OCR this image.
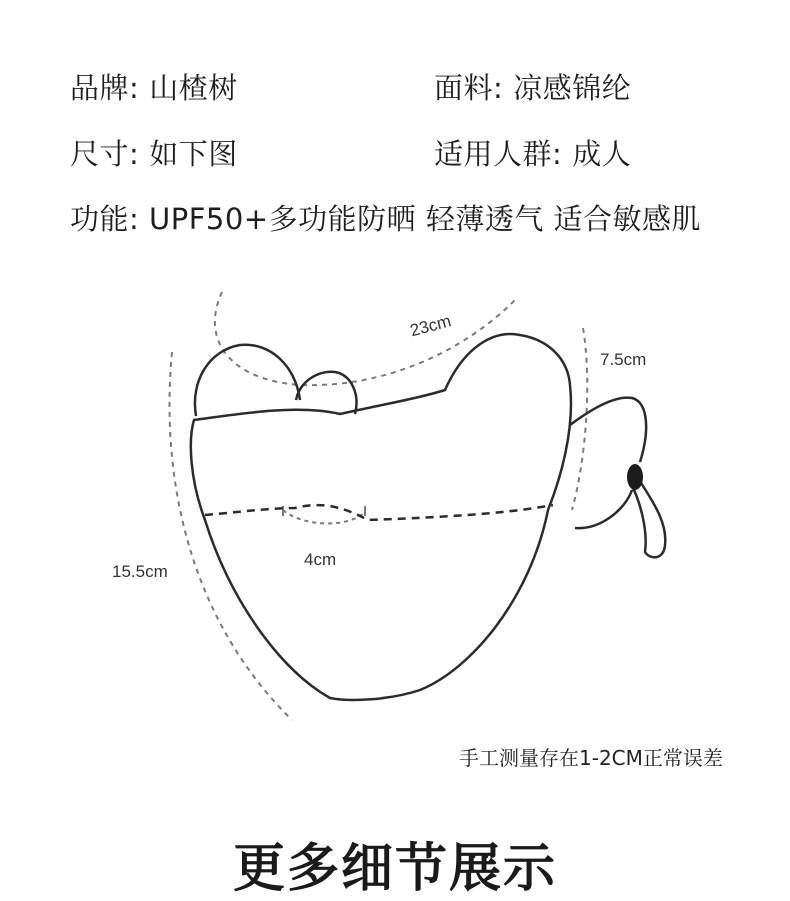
品牌: 山楂树	面料: 凉感锦纶
尺寸: 如下图	适用人群: 成人
功能: UPF50+多功能防晒 轻薄透气 适合敏感肌
23cm
7.5cm
15.5cm
4cm
手工测量存在1-2CM正常误差
更多细节展示
